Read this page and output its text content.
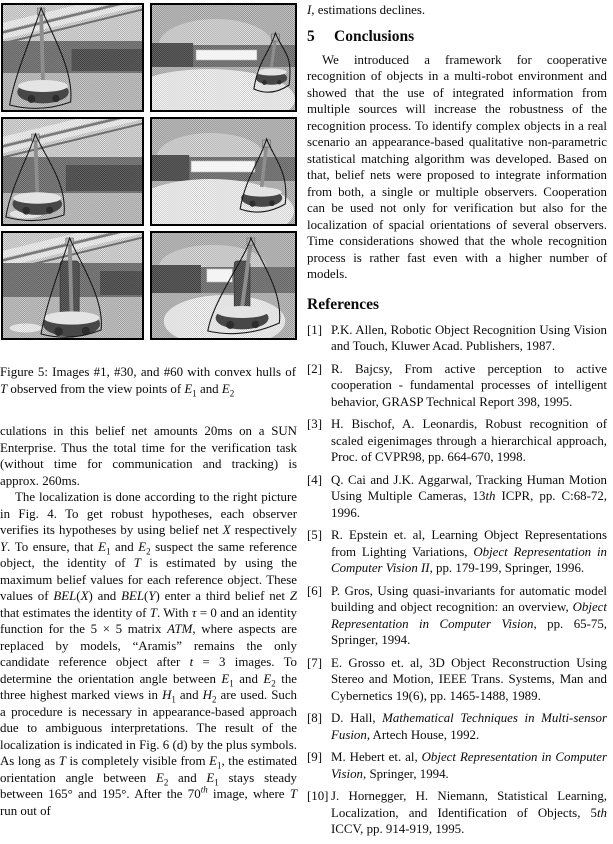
Figure 5: Images #1, #30, and #60 with convex hulls of T observed from the view points of $E_1$ and $E_2$

culations in this belief net amounts 20ms on a SUN Enterprise. Thus the total time for the verification task (without time for communication and tracking) is approx. 260ms.

The localization is done according to the right picture in Fig. 4. To get robust hypotheses, each observer verifies its hypotheses by using belief net X respectively Y. To ensure, that $E_1$ and $E_2$ suspect the same reference object, the identity of T is estimated by using the maximum belief values for each reference object. These values of BEL(X) and BEL(Y) enter a third belief net Z that estimates the identity of T. With τ = 0 and an identity function for the 5 × 5 matrix ATM, where aspects are replaced by models, “Aramis” remains the only candidate reference object after t = 3 images. To determine the orientation angle between $E_1$ and $E_2$ the three highest marked views in $H_1$ and $H_2$ are used. Such a procedure is necessary in appearance-based approach due to ambiguous interpretations. The result of the localization is indicated in Fig. 6 (d) by the plus symbols. As long as T is completely visible from $E_1$, the estimated orientation angle between $E_2$ and $E_1$ stays steady between 165° and 195°. After the 70th image, where T run out of

I, estimations declines.

5 Conclusions

We introduced a framework for cooperative recognition of objects in a multi-robot environment and showed that the use of integrated information from multiple sources will increase the robustness of the recognition process. To identify complex objects in a real scenario an appearance-based qualitative non-parametric statistical matching algorithm was developed. Based on that, belief nets were proposed to integrate information from both, a single or multiple observers. Cooperation can be used not only for verification but also for the localization of spacial orientations of several observers. Time considerations showed that the whole recognition process is rather fast even with a higher number of models.

References
[1] P.K. Allen, Robotic Object Recognition Using Vision and Touch, Kluwer Acad. Publishers, 1987.
[2] R. Bajcsy, From active perception to active cooperation - fundamental processes of intelligent behavior, GRASP Technical Report 398, 1995.
[3] H. Bischof, A. Leonardis, Robust recognition of scaled eigenimages through a hierarchical approach, Proc. of CVPR98, pp. 664-670, 1998.
[4] Q. Cai and J.K. Aggarwal, Tracking Human Motion Using Multiple Cameras, 13th ICPR, pp. C:68-72, 1996.
[5] R. Epstein et. al, Learning Object Representations from Lighting Variations, Object Representation in Computer Vision II, pp. 179-199, Springer, 1996.
[6] P. Gros, Using quasi-invariants for automatic model building and object recognition: an overview, Object Representation in Computer Vision, pp. 65-75, Springer, 1994.
[7] E. Grosso et. al, 3D Object Reconstruction Using Stereo and Motion, IEEE Trans. Systems, Man and Cybernetics 19(6), pp. 1465-1488, 1989.
[8] D. Hall, Mathematical Techniques in Multi-sensor Fusion, Artech House, 1992.
[9] M. Hebert et. al, Object Representation in Computer Vision, Springer, 1994.
[10] J. Hornegger, H. Niemann, Statistical Learning, Localization, and Identification of Objects, 5th ICCV, pp. 914-919, 1995.
